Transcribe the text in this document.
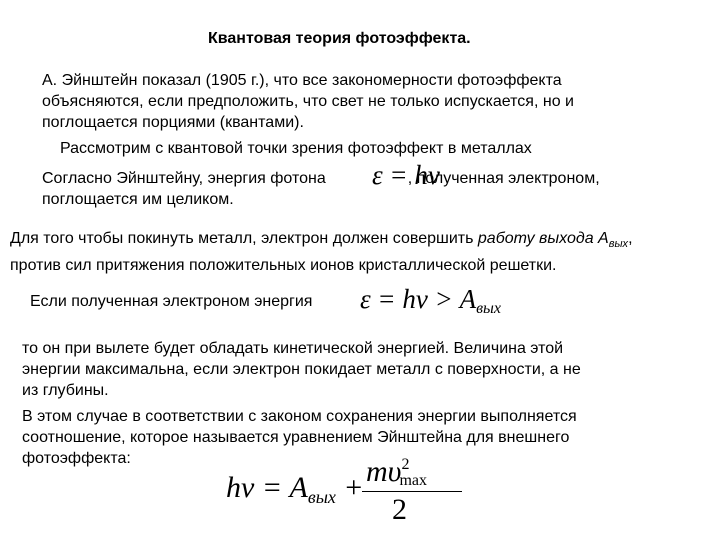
Квантовая теория фотоэффекта.
А. Эйнштейн показал (1905 г.), что все закономерности фотоэффекта
объясняются, если предположить, что свет не только испускается, но и
поглощается порциями (квантами).
Рассмотрим с квантовой точки зрения фотоэффект в металлах
Согласно Эйнштейну, энергия фотона	, полученная электроном,
поглощается им целиком.
ε = hν
Для того чтобы покинуть металл, электрон должен совершить работу выхода $A_{вых}$,
против сил притяжения положительных ионов кристаллической решетки.
Если полученная электроном энергия ε = hν > Aвых
то он при вылете будет обладать кинетической энергией. Величина этой
энергии максимальна, если электрон покидает металл с поверхности, а не
из глубины.
В этом случае в соответствии с законом сохранения энергии выполняется
соотношение, которое называется уравнением Эйнштейна для внешнего
фотоэффекта:
$h\nu = A_{вых} + m\upsilon^2\max$
2
